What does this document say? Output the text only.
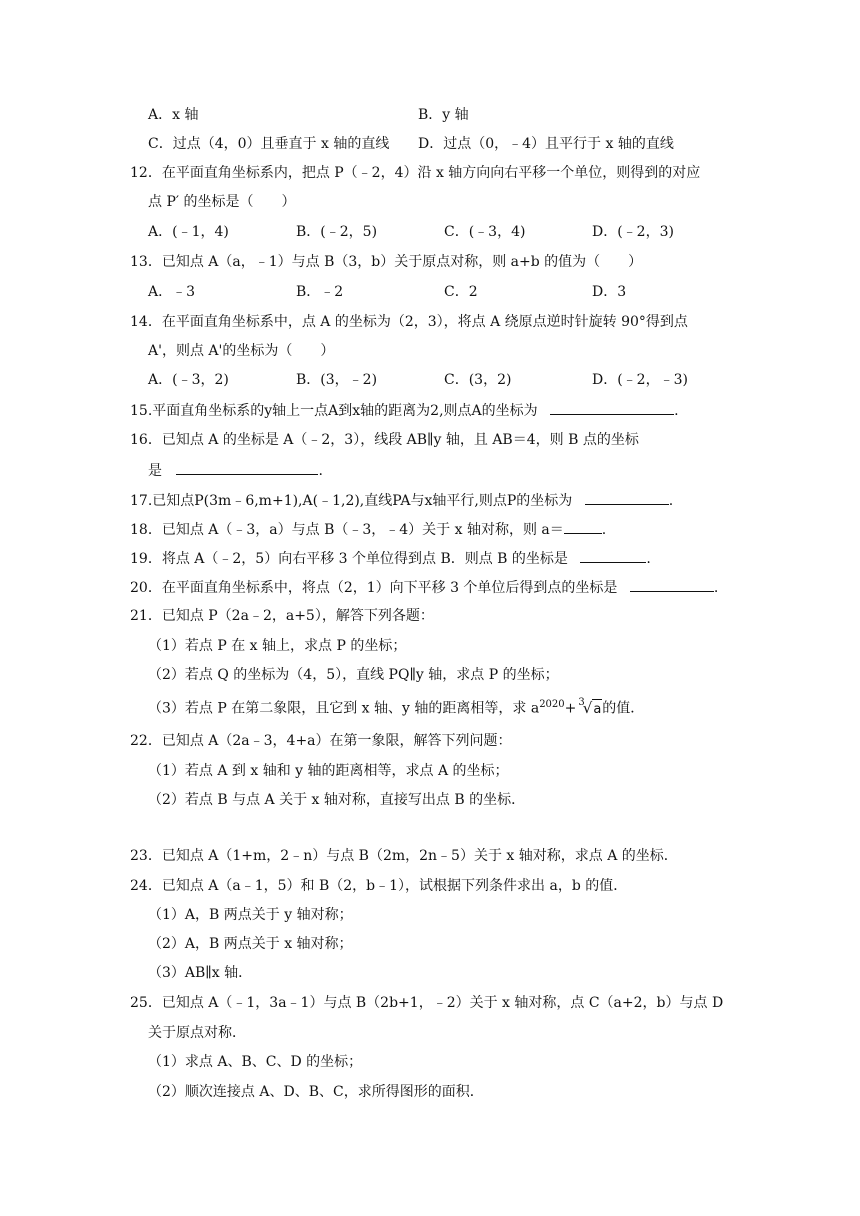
A．x 轴	B．y 轴
C．过点（4，0）且垂直于 x 轴的直线 D．过点（0，﹣4）且平行于 x 轴的直线
12．在平面直角坐标系内，把点 P（﹣2，4）沿 x 轴方向向右平移一个单位，则得到的对应
点 P′ 的坐标是（　　）
A．(﹣1，4)	B．(﹣2，5)	C．(﹣3，4)	D．(﹣2，3)
13．已知点 A（a，﹣1）与点 B（3，b）关于原点对称，则 a+b 的值为（　　）
A．﹣3	B．﹣2	C．2	D．3
14．在平面直角坐标系中，点 A 的坐标为（2，3），将点 A 绕原点逆时针旋转 90°得到点
A'，则点 A'的坐标为（　　）
A．(﹣3，2)	B．(3，﹣2)	C．(3，2)	D．(﹣2，﹣3)
15.平面直角坐标系的y轴上一点A到x轴的距离为2,则点A的坐标为	.
16．已知点 A 的坐标是 A（﹣2，3），线段 AB∥y 轴，且 AB＝4，则 B 点的坐标
是	.
17.已知点P(3m﹣6,m+1),A(﹣1,2),直线PA与x轴平行,则点P的坐标为	.
18．已知点 A（﹣3，a）与点 B（﹣3，﹣4）关于 x 轴对称，则 a＝	.
19．将点 A（﹣2，5）向右平移 3 个单位得到点 B．则点 B 的坐标是	.
20．在平面直角坐标系中，将点（2，1）向下平移 3 个单位后得到点的坐标是	.
21．已知点 P（2a﹣2，a+5），解答下列各题：
（1）若点 P 在 x 轴上，求点 P 的坐标；
（2）若点 Q 的坐标为（4，5），直线 PQ∥y 轴，求点 P 的坐标；
（3）若点 P 在第二象限，且它到 x 轴、y 轴的距离相等，求 $a^{2020}+ ^3√a$的值．
22．已知点 A（2a﹣3，4+a）在第一象限，解答下列问题：
（1）若点 A 到 x 轴和 y 轴的距离相等，求点 A 的坐标；
（2）若点 B 与点 A 关于 x 轴对称，直接写出点 B 的坐标．
23．已知点 A（1+m，2﹣n）与点 B（2m，2n﹣5）关于 x 轴对称，求点 A 的坐标．
24．已知点 A（a﹣1，5）和 B（2，b﹣1），试根据下列条件求出 a，b 的值．
（1）A，B 两点关于 y 轴对称；
（2）A，B 两点关于 x 轴对称；
（3）AB∥x 轴．
25．已知点 A（﹣1，3a﹣1）与点 B（2b+1，﹣2）关于 x 轴对称，点 C（a+2，b）与点 D
关于原点对称．
（1）求点 A、B、C、D 的坐标；
（2）顺次连接点 A、D、B、C，求所得图形的面积．
